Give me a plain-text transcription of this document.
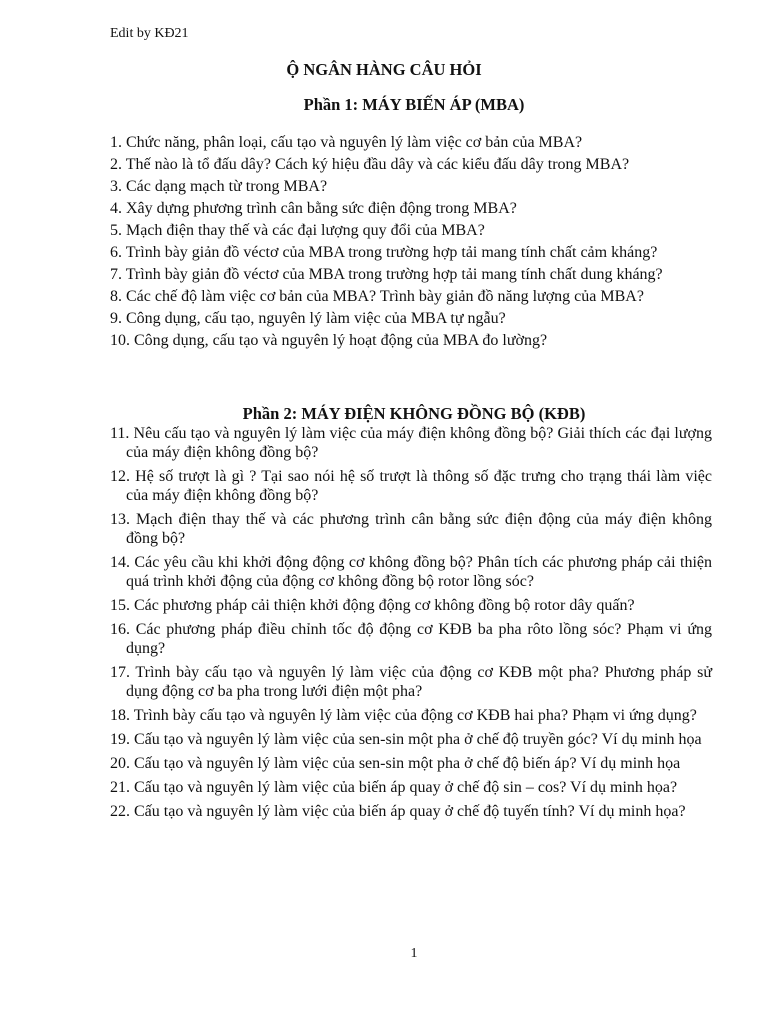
Edit by KĐ21
Ộ NGÂN HÀNG CÂU HỎI
Phần 1: MÁY BIẾN ÁP (MBA)
1. Chức năng, phân loại, cấu tạo và nguyên lý làm việc cơ bản của MBA?
2. Thế nào là tổ đấu dây? Cách ký hiệu đầu dây và các kiểu đấu dây trong MBA?
3. Các dạng mạch từ trong MBA?
4. Xây dựng phương trình cân bằng sức điện động trong MBA?
5. Mạch điện thay thế và các đại lượng quy đổi của MBA?
6. Trình bày giản đồ véctơ của MBA trong trường hợp tải mang tính chất cảm kháng?
7. Trình bày giản đồ véctơ của MBA trong trường hợp tải mang tính chất dung kháng?
8. Các chế độ làm việc cơ bản của MBA? Trình bày giản đồ năng lượng của MBA?
9. Công dụng, cấu tạo, nguyên lý làm việc của MBA tự ngẫu?
10. Công dụng, cấu tạo và nguyên lý hoạt động của MBA đo lường?
Phần 2: MÁY ĐIỆN KHÔNG ĐỒNG BỘ (KĐB)
11. Nêu cấu tạo và nguyên lý làm việc của máy điện không đồng bộ? Giải thích các đại lượng của máy điện không đồng bộ?
12. Hệ số trượt là gì ? Tại sao nói hệ số trượt là thông số đặc trưng cho trạng thái làm việc của máy điện không đồng bộ?
13. Mạch điện thay thế và các phương trình cân bằng sức điện động của máy điện không đồng bộ?
14. Các yêu cầu khi khởi động động cơ không đồng bộ? Phân tích các phương pháp cải thiện quá trình khởi động của động cơ không đồng bộ rotor lồng sóc?
15. Các phương pháp cải thiện khởi động động cơ không đồng bộ rotor dây quấn?
16. Các phương pháp điều chỉnh tốc độ động cơ KĐB ba pha rôto lồng sóc? Phạm vi ứng dụng?
17. Trình bày cấu tạo và nguyên lý làm việc của động cơ KĐB một pha? Phương pháp sử dụng động cơ ba pha trong lưới điện một pha?
18. Trình bày cấu tạo và nguyên lý làm việc của động cơ KĐB hai pha? Phạm vi ứng dụng?
19. Cấu tạo và nguyên lý làm việc của sen-sin một pha ở chế độ truyền góc? Ví dụ minh họa
20. Cấu tạo và nguyên lý làm việc của sen-sin một pha ở chế độ biến áp? Ví dụ minh họa
21. Cấu tạo và nguyên lý làm việc của biến áp quay ở chế độ sin – cos? Ví dụ minh họa?
22. Cấu tạo và nguyên lý làm việc của biến áp quay ở chế độ tuyến tính? Ví dụ minh họa?
1
